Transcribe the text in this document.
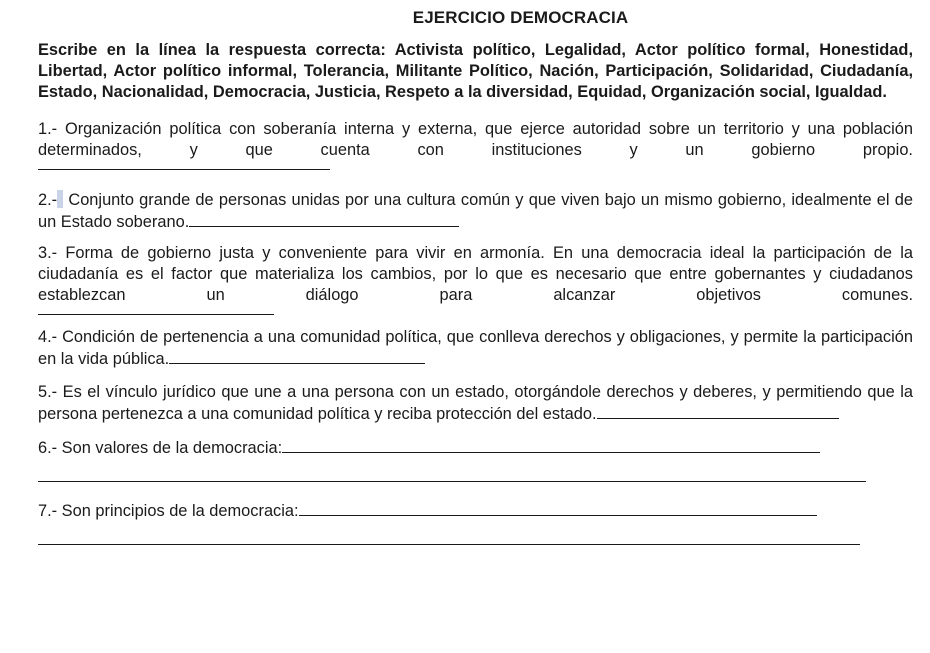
EJERCICIO DEMOCRACIA
Escribe en la línea la respuesta correcta: Activista político, Legalidad, Actor político formal, Honestidad, Libertad, Actor político informal, Tolerancia, Militante Político, Nación, Participación, Solidaridad, Ciudadanía, Estado, Nacionalidad, Democracia, Justicia, Respeto a la diversidad, Equidad, Organización social, Igualdad.

1.- Organización política con soberanía interna y externa, que ejerce autoridad sobre un territorio y una población determinados, y que cuenta con instituciones y un gobierno propio.

2.- Conjunto grande de personas unidas por una cultura común y que viven bajo un mismo gobierno, idealmente el de un Estado soberano.

3.- Forma de gobierno justa y conveniente para vivir en armonía. En una democracia ideal la participación de la ciudadanía es el factor que materializa los cambios, por lo que es necesario que entre gobernantes y ciudadanos establezcan un diálogo para alcanzar objetivos comunes.

4.- Condición de pertenencia a una comunidad política, que conlleva derechos y obligaciones, y permite la participación en la vida pública.

5.- Es el vínculo jurídico que une a una persona con un estado, otorgándole derechos y deberes, y permitiendo que la persona pertenezca a una comunidad política y reciba protección del estado.

6.- Son valores de la democracia:

7.- Son principios de la democracia:
